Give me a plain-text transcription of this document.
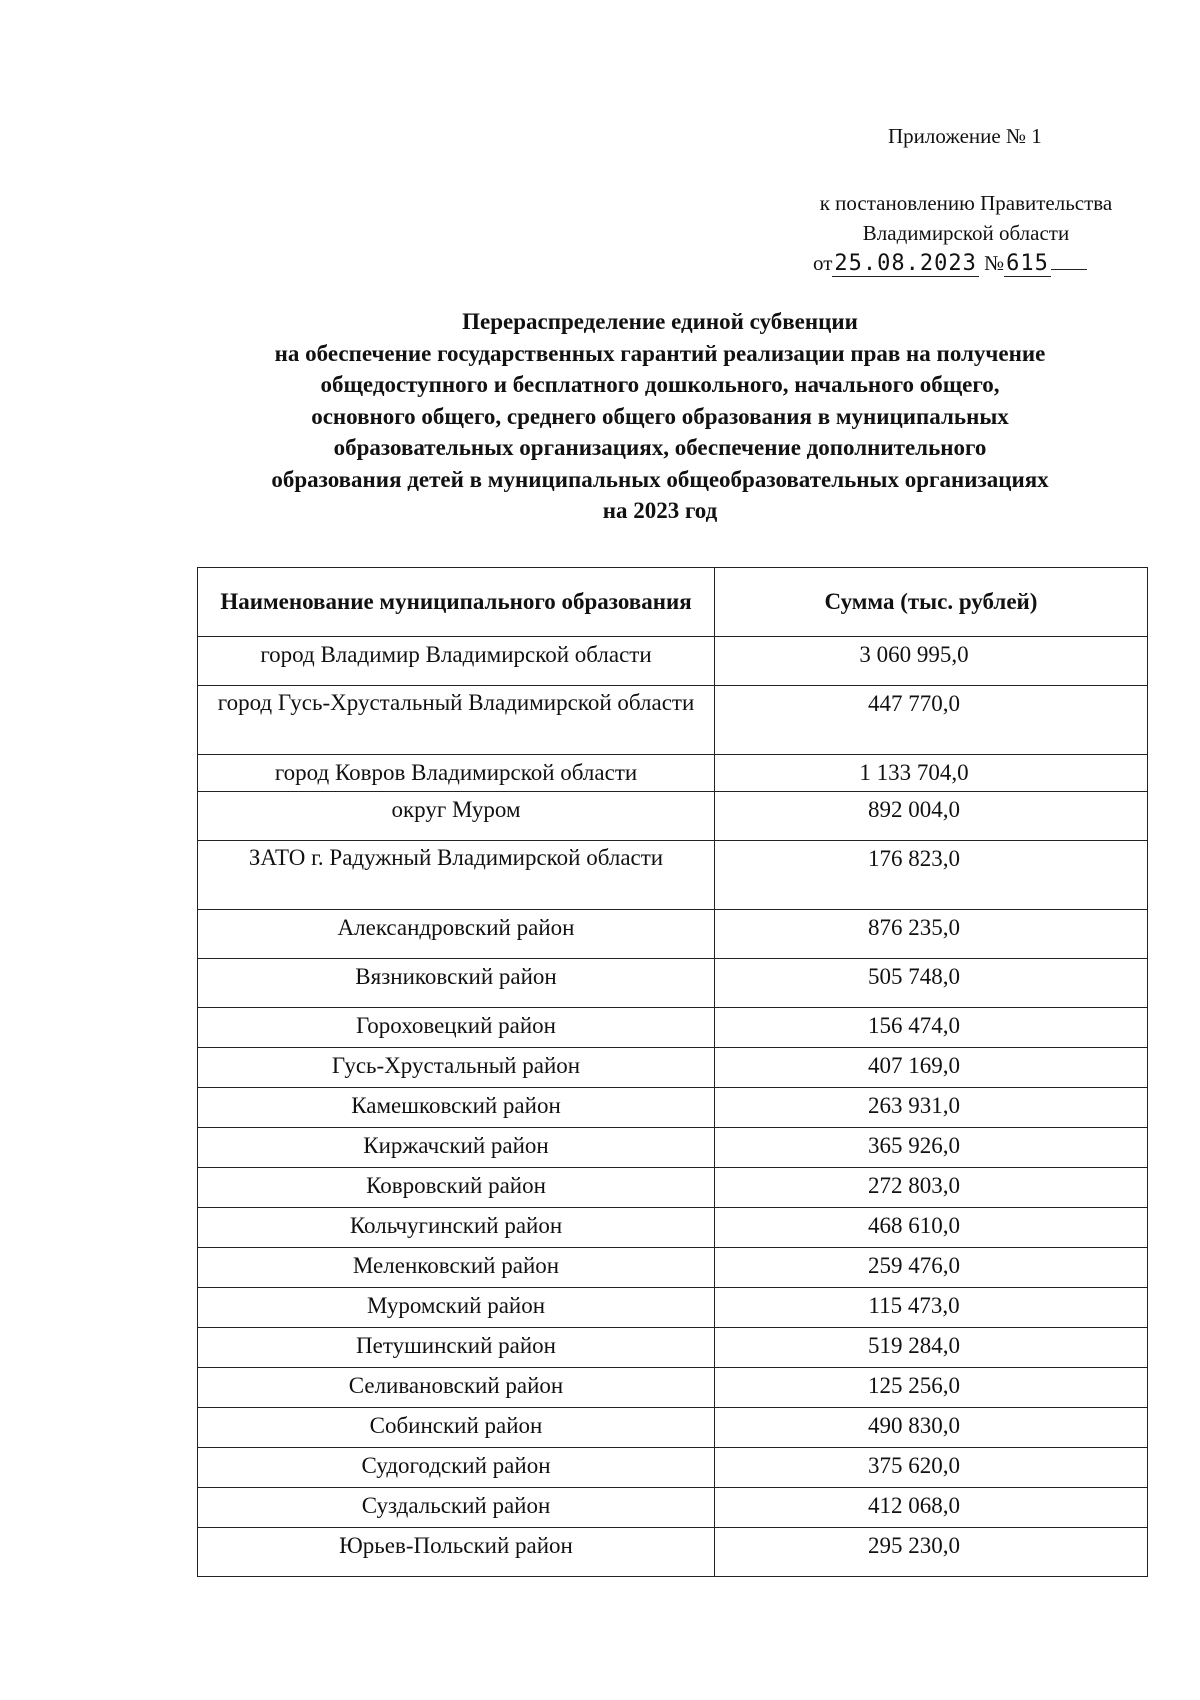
Приложение № 1
к постановлению Правительства
Владимирской области
от25.08.2023 №615
Перераспределение единой субвенции
на обеспечение государственных гарантий реализации прав на получение
общедоступного и бесплатного дошкольного, начального общего,
основного общего, среднего общего образования в муниципальных
образовательных организациях, обеспечение дополнительного
образования детей в муниципальных общеобразовательных организациях
на 2023 год
Наименование муниципального образования	Сумма (тыс. рублей)
город Владимир Владимирской области	3 060 995,0
город Гусь-Хрустальный Владимирской области	447 770,0
город Ковров Владимирской области	1 133 704,0
округ Муром	892 004,0
ЗАТО г. Радужный Владимирской области	176 823,0
Александровский район	876 235,0
Вязниковский район	505 748,0
Гороховецкий район	156 474,0
Гусь-Хрустальный район	407 169,0
Камешковский район	263 931,0
Киржачский район	365 926,0
Ковровский район	272 803,0
Кольчугинский район	468 610,0
Меленковский район	259 476,0
Муромский район	115 473,0
Петушинский район	519 284,0
Селивановский район	125 256,0
Собинский район	490 830,0
Судогодский район	375 620,0
Суздальский район	412 068,0
Юрьев-Польский район	295 230,0
